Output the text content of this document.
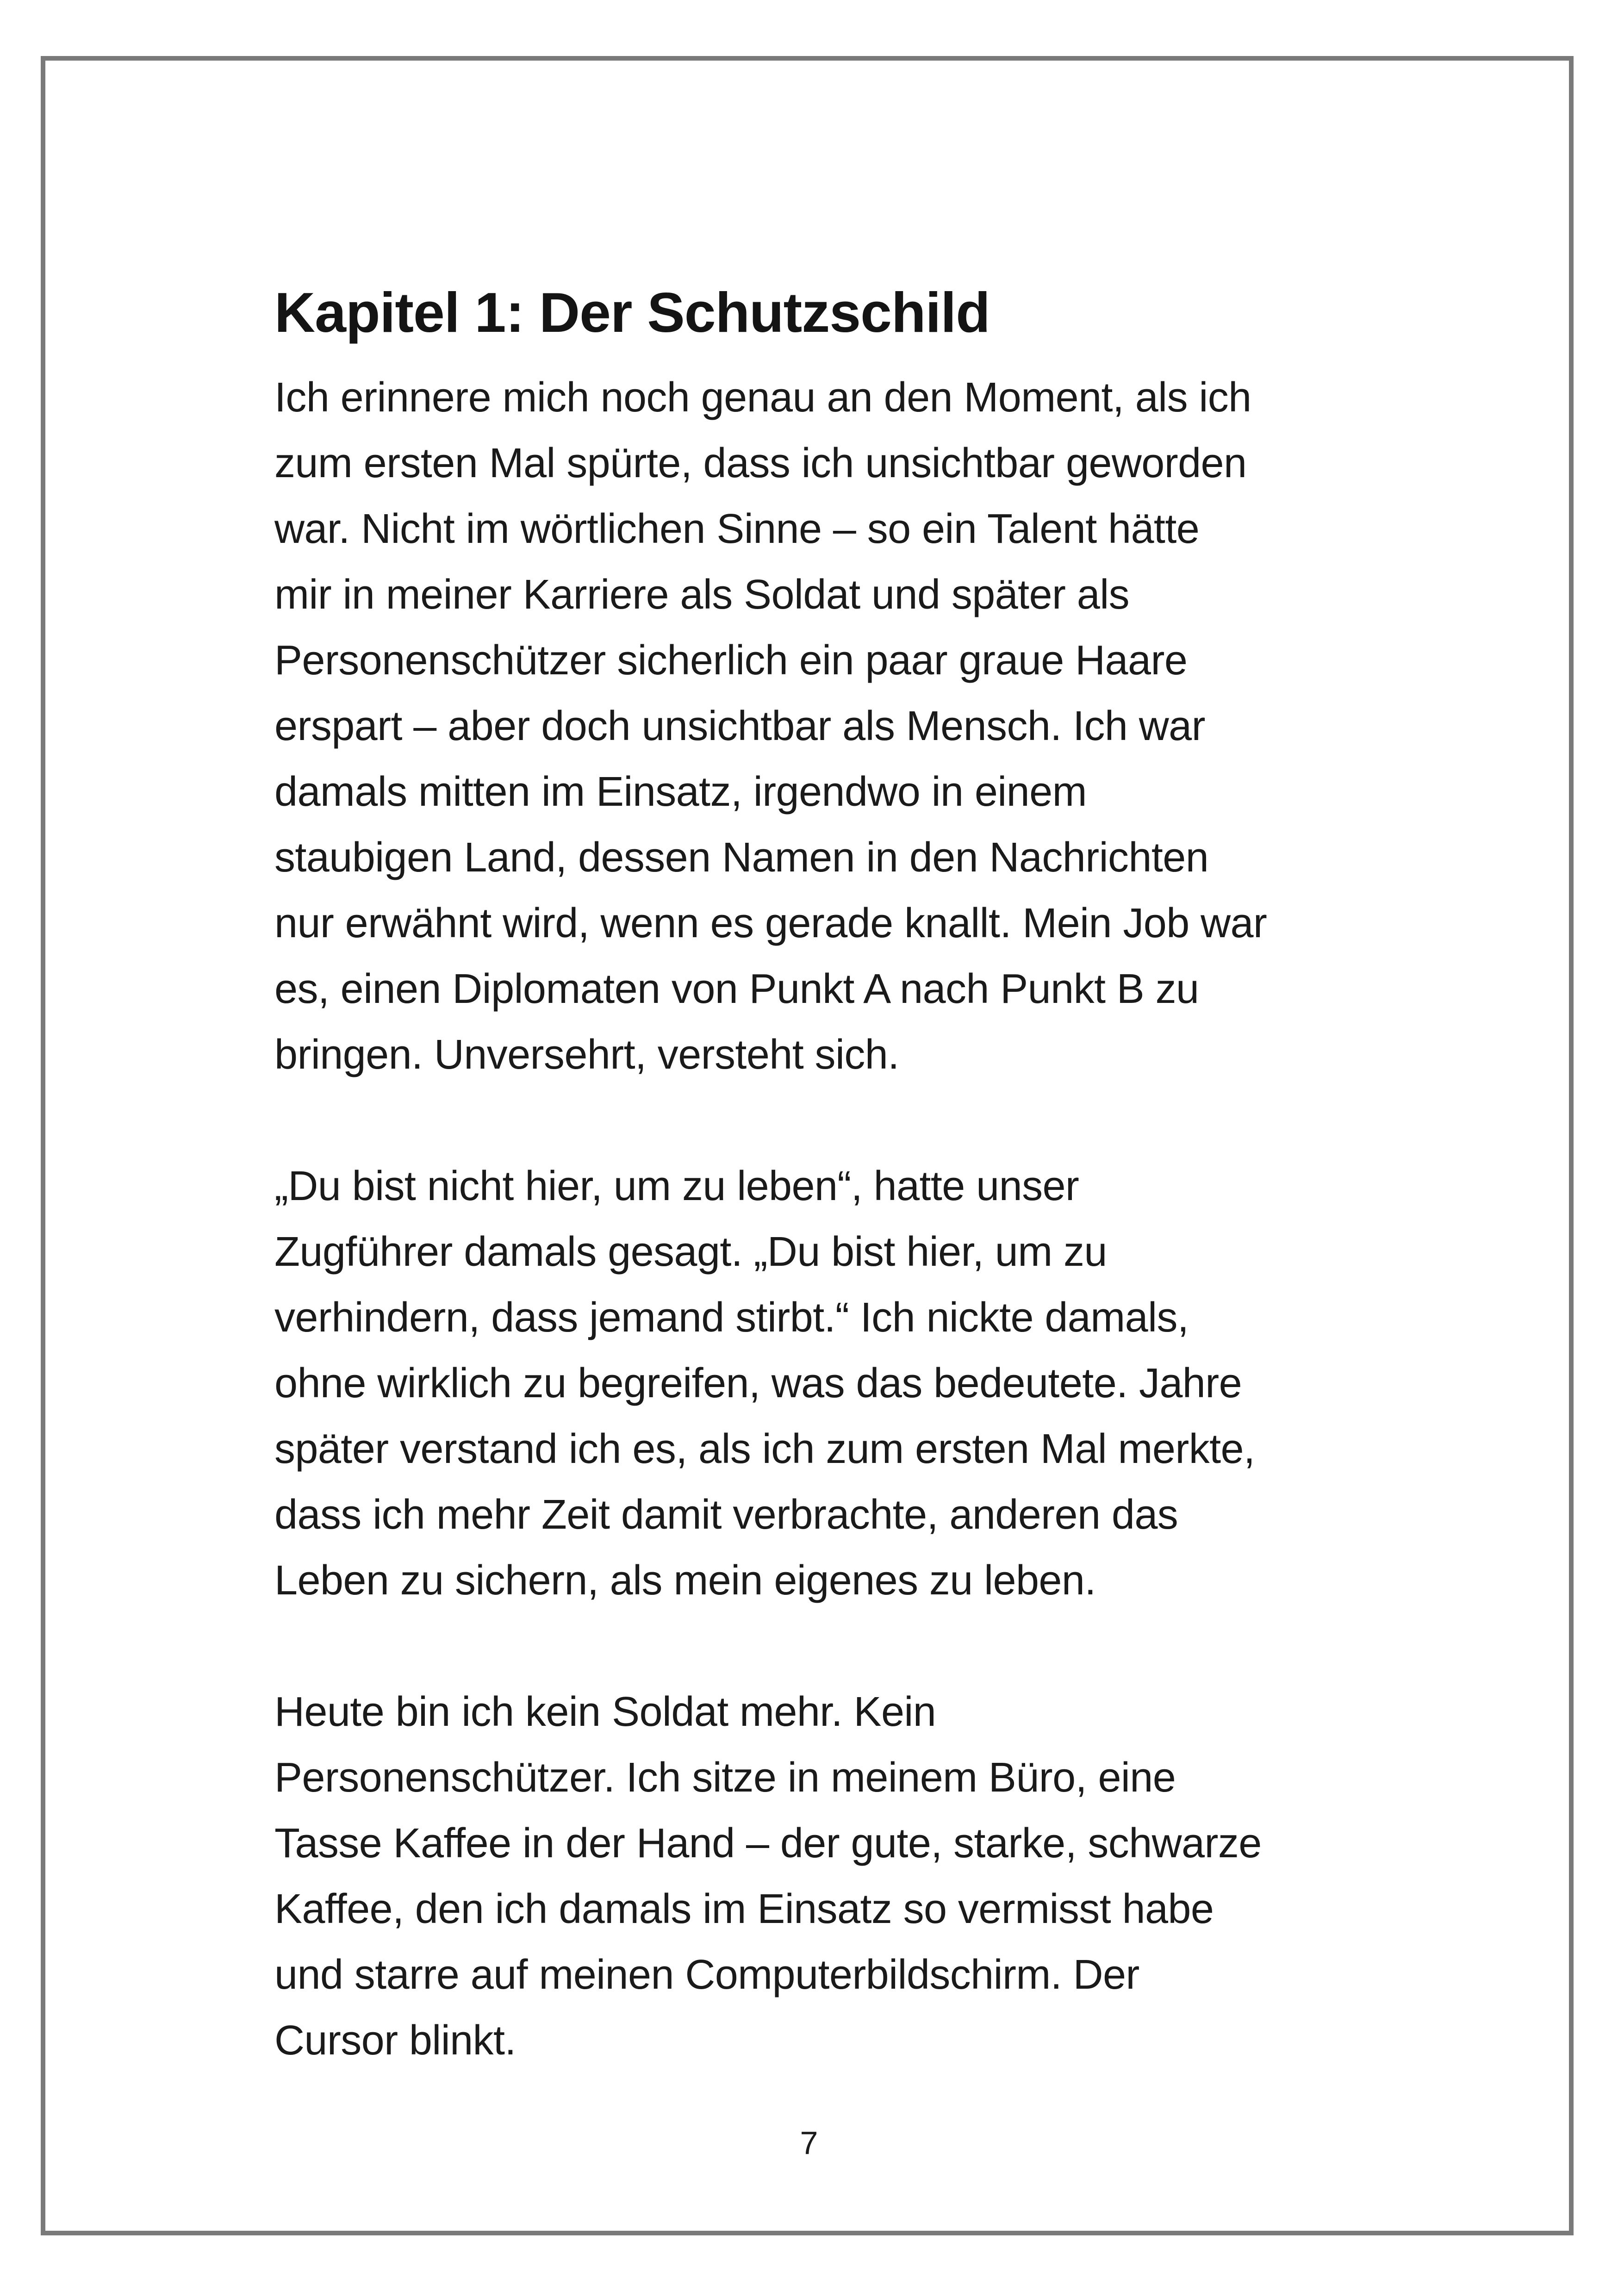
Kapitel 1: Der Schutzschild

Ich erinnere mich noch genau an den Moment, als ich
zum ersten Mal spürte, dass ich unsichtbar geworden
war. Nicht im wörtlichen Sinne – so ein Talent hätte
mir in meiner Karriere als Soldat und später als
Personenschützer sicherlich ein paar graue Haare
erspart – aber doch unsichtbar als Mensch. Ich war
damals mitten im Einsatz, irgendwo in einem
staubigen Land, dessen Namen in den Nachrichten
nur erwähnt wird, wenn es gerade knallt. Mein Job war
es, einen Diplomaten von Punkt A nach Punkt B zu
bringen. Unversehrt, versteht sich.

„Du bist nicht hier, um zu leben“, hatte unser
Zugführer damals gesagt. „Du bist hier, um zu
verhindern, dass jemand stirbt.“ Ich nickte damals,
ohne wirklich zu begreifen, was das bedeutete. Jahre
später verstand ich es, als ich zum ersten Mal merkte,
dass ich mehr Zeit damit verbrachte, anderen das
Leben zu sichern, als mein eigenes zu leben.

Heute bin ich kein Soldat mehr. Kein
Personenschützer. Ich sitze in meinem Büro, eine
Tasse Kaffee in der Hand – der gute, starke, schwarze
Kaffee, den ich damals im Einsatz so vermisst habe
und starre auf meinen Computerbildschirm. Der
Cursor blinkt.

7
